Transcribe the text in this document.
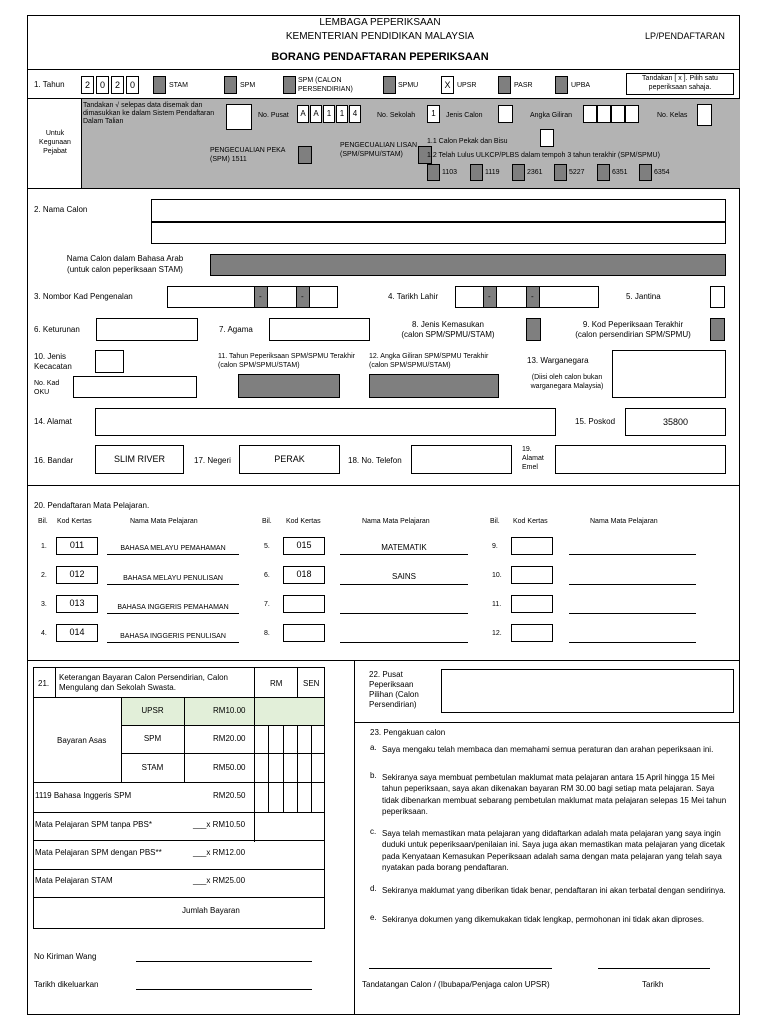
LEMBAGA PEPERIKSAAN
KEMENTERIAN PENDIDIKAN MALAYSIA
BORANG PENDAFTARAN PEPERIKSAAN
LP/PENDAFTARAN
1. Tahun	2	0	2	0	STAM	SPM
SPM (CALON PERSENDIRIAN)
SPMU	X UPSR	PASR	UPBA
Tandakan [ x ]. Pilih satu peperiksaan sahaja.
Untuk Kegunaan Pejabat
Tandakan √ selepas data disemak dan dimasukkan ke dalam Sistem Pendaftaran Dalam Talian
No. Pusat	A A	1	1	4	No. Sekolah	1	Jenis Calon	Angka Giliran	No. Kelas
PENGECUALIAN PEKA (SPM) 1511
PENGECUALIAN LISAN (SPM/SPMU/STAM)
1.1 Calon Pekak dan Bisu
1.2 Telah Lulus ULKCP/PLBS dalam tempoh 3 tahun terakhir (SPM/SPMU)
1103	1119	2361	5227	6351	6354
2. Nama Calon
Nama Calon dalam Bahasa Arab
(untuk calon peperiksaan STAM)
3. Nombor Kad Pengenalan	-	-	4. Tarikh Lahir	-	-	5. Jantina
6. Keturunan	7. Agama
8. Jenis Kemasukan
(calon SPM/SPMU/STAM)
9. Kod Peperiksaan Terakhir
(calon persendirian SPM/SPMU)
10. Jenis Kecacatan
No. Kad OKU
11. Tahun Peperiksaan SPM/SPMU Terakhir (calon SPM/SPMU/STAM)
12. Angka Giliran SPM/SPMU Terakhir (calon SPM/SPMU/STAM)
13. Warganegara
(Diisi oleh calon bukan warganegara Malaysia)
14. Alamat	15. Poskod	35800
16. Bandar	SLIM RIVER	17. Negeri	PERAK	18. No. Telefon
19. Alamat Emel
20. Pendaftaran Mata Pelajaran.
Bil. Kod Kertas	Nama Mata Pelajaran	Bil. Kod Kertas	Nama Mata Pelajaran	Bil. Kod Kertas	Nama Mata Pelajaran
1.	011	BAHASA MELAYU PEMAHAMAN
2.	012	BAHASA MELAYU PENULISAN
3.	013	BAHASA INGGERIS PEMAHAMAN
4.	014	BAHASA INGGERIS PENULISAN
5.	015	MATEMATIK
6.	018	SAINS
7.
8.
9.
10.
11.
12.
21.
Keterangan Bayaran Calon Persendirian, Calon Mengulang dan Sekolah Swasta.	RM	SEN
Bayaran Asas
UPSR	RM10.00
SPM	RM20.00
STAM	RM50.00
1119 Bahasa Inggeris SPM	RM20.50
Mata Pelajaran SPM tanpa PBS*	___x RM10.50
Mata Pelajaran SPM dengan PBS**	___x RM12.00
Mata Pelajaran STAM	___x RM25.00
Jumlah Bayaran
No Kiriman Wang
Tarikh dikeluarkan
22. Pusat Peperiksaan Pilihan (Calon Persendirian)
23. Pengakuan calon
a. Saya mengaku telah membaca dan memahami semua peraturan dan arahan peperiksaan ini.
b. Sekiranya saya membuat pembetulan maklumat mata pelajaran antara 15 April hingga 15 Mei tahun peperiksaan, saya akan dikenakan bayaran RM 30.00 bagi setiap mata pelajaran. Saya tidak dibenarkan membuat sebarang pembetulan maklumat mata pelajaran selepas 15 Mei tahun peperiksaan.
c. Saya telah memastikan mata pelajaran yang didaftarkan adalah mata pelajaran yang saya ingin duduki untuk peperiksaan/penilaian ini. Saya juga akan memastikan mata pelajaran yang dicetak pada Kenyataan Kemasukan Peperiksaan adalah sama dengan mata pelajaran yang telah saya nyatakan pada borang pendaftaran.
d. Sekiranya maklumat yang diberikan tidak benar, pendaftaran ini akan terbatal dengan sendirinya.
e. Sekiranya dokumen yang dikemukakan tidak lengkap, permohonan ini tidak akan diproses.
Tandatangan Calon / (Ibubapa/Penjaga calon UPSR)	Tarikh
